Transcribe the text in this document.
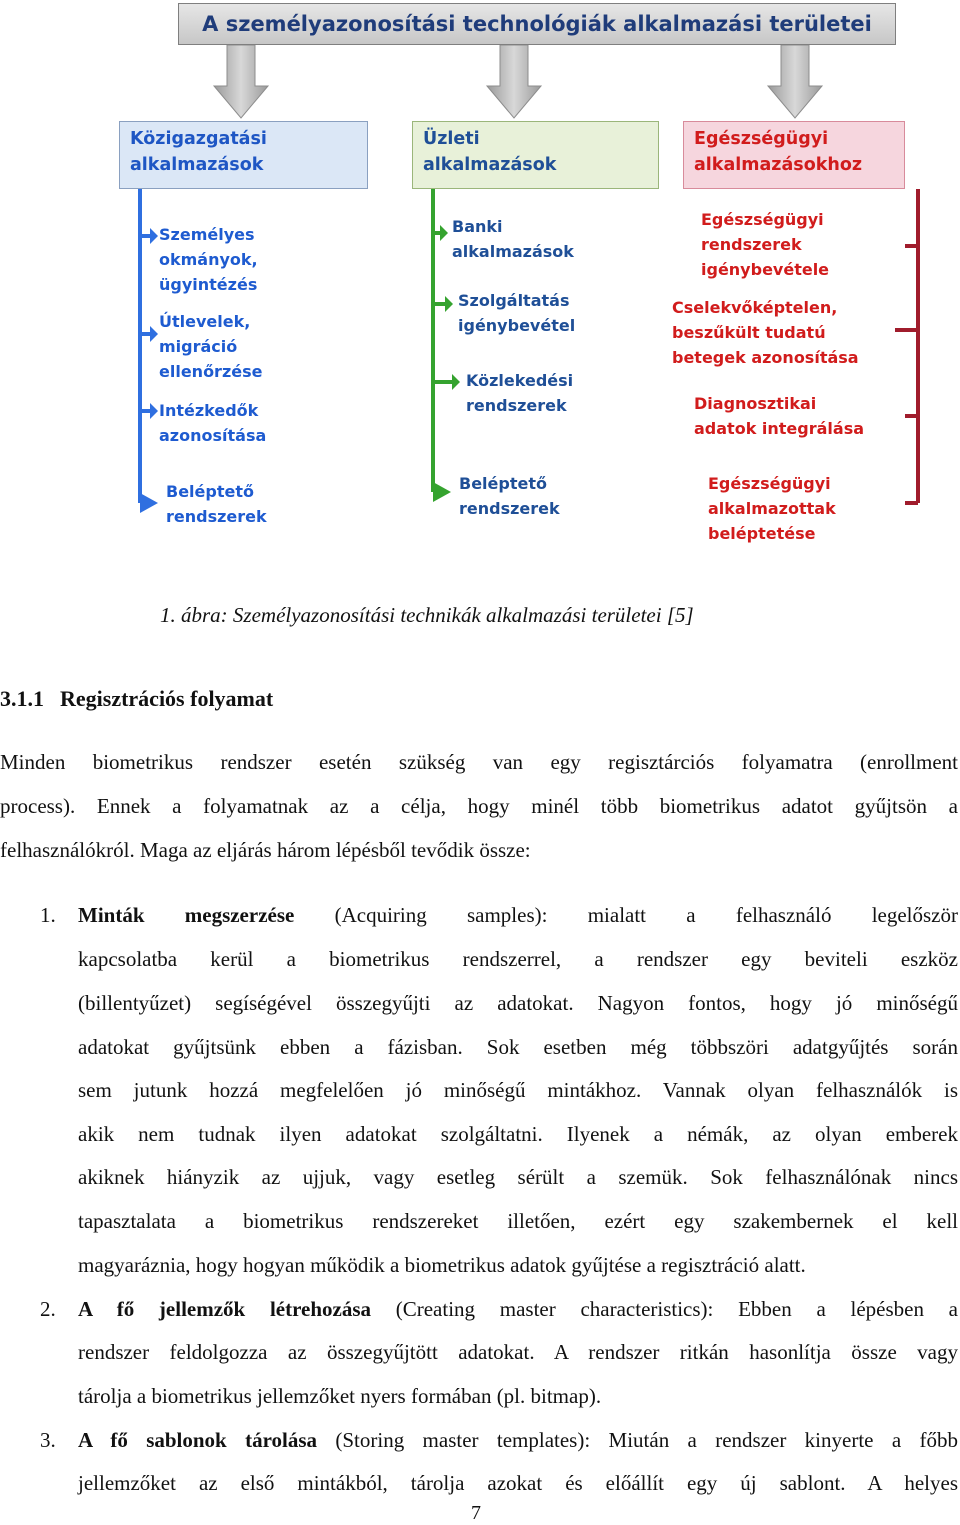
A személyazonosítási technológiák alkalmazási területei
Közigazgatási
alkalmazások
Üzleti
alkalmazások
Egészségügyi
alkalmazásokhoz
Személyes
okmányok,
ügyintézés
Útlevelek,
migráció
ellenőrzése
Intézkedők
azonosítása
Beléptető
rendszerek
Banki
alkalmazások
Szolgáltatás
igénybevétel
Közlekedési
rendszerek
Beléptető
rendszerek
Egészségügyi
rendszerek
igénybevétele
Cselekvőképtelen,
beszűkült tudatú
betegek azonosítása
Diagnosztikai
adatok integrálása
Egészségügyi
alkalmazottak
beléptetése
1. ábra: Személyazonosítási technikák alkalmazási területei [5]
3.1.1 Regisztrációs folyamat
Minden biometrikus rendszer esetén szükség van egy regisztárciós folyamatra (enrollment
process). Ennek a folyamatnak az a célja, hogy minél több biometrikus adatot gyűjtsön a
felhasználókról. Maga az eljárás három lépésből tevődik össze:
1. Minták megszerzése (Acquiring samples): mialatt a felhasználó legelőször
kapcsolatba kerül a biometrikus rendszerrel, a rendszer egy beviteli eszköz
(billentyűzet) segíségével összegyűjti az adatokat. Nagyon fontos, hogy jó minőségű
adatokat gyűjtsünk ebben a fázisban. Sok esetben még többszöri adatgyűjtés során
sem jutunk hozzá megfelelően jó minőségű mintákhoz. Vannak olyan felhasználók is
akik nem tudnak ilyen adatokat szolgáltatni. Ilyenek a némák, az olyan emberek
akiknek hiányzik az ujjuk, vagy esetleg sérült a szemük. Sok felhasználónak nincs
tapasztalata a biometrikus rendszereket illetően, ezért egy szakembernek el kell
magyaráznia, hogy hogyan működik a biometrikus adatok gyűjtése a regisztráció alatt.
2. A fő jellemzők létrehozása (Creating master characteristics): Ebben a lépésben a
rendszer feldolgozza az összegyűjtött adatokat. A rendszer ritkán hasonlítja össze vagy
tárolja a biometrikus jellemzőket nyers formában (pl. bitmap).
3. A fő sablonok tárolása (Storing master templates): Miután a rendszer kinyerte a főbb
jellemzőket az első mintákból, tárolja azokat és előállít egy új sablont. A helyes
7
